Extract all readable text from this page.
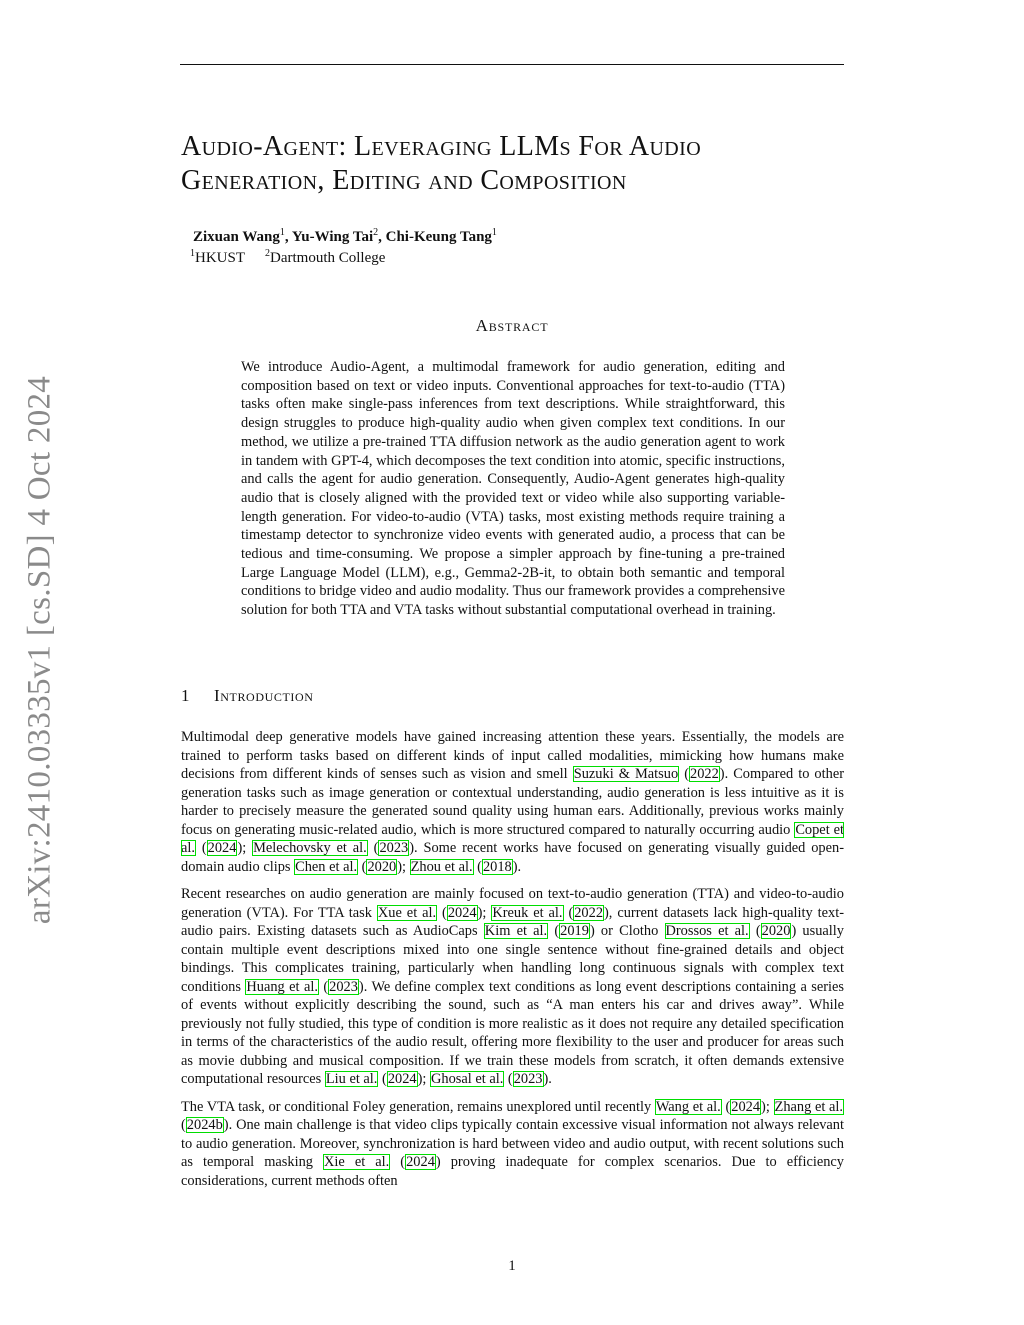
arXiv:2410.03335v1 [cs.SD] 4 Oct 2024
Audio-Agent: Leveraging LLMs For Audio
Generation, Editing and Composition
Zixuan Wang$^1$, Yu-Wing Tai$^2$, Chi-Keung Tang$^1$
$^1$HKUST $^2$Dartmouth College
Abstract
We introduce Audio-Agent, a multimodal framework for audio generation, editing and composition based on text or video inputs. Conventional approaches for text-to-audio (TTA) tasks often make single-pass inferences from text descriptions. While straightforward, this design struggles to produce high-quality audio when given complex text conditions. In our method, we utilize a pre-trained TTA diffusion network as the audio generation agent to work in tandem with GPT-4, which decomposes the text condition into atomic, specific instructions, and calls the agent for audio generation. Consequently, Audio-Agent generates high-quality audio that is closely aligned with the provided text or video while also supporting variable-length generation. For video-to-audio (VTA) tasks, most existing methods require training a timestamp detector to synchronize video events with generated audio, a process that can be tedious and time-consuming. We propose a simpler approach by fine-tuning a pre-trained Large Language Model (LLM), e.g., Gemma2-2B-it, to obtain both semantic and temporal conditions to bridge video and audio modality. Thus our framework provides a comprehensive solution for both TTA and VTA tasks without substantial computational overhead in training.
1 Introduction

Multimodal deep generative models have gained increasing attention these years. Essentially, the models are trained to perform tasks based on different kinds of input called modalities, mimicking how humans make decisions from different kinds of senses such as vision and smell Suzuki & Matsuo (2022). Compared to other generation tasks such as image generation or contextual understanding, audio generation is less intuitive as it is harder to precisely measure the generated sound quality using human ears. Additionally, previous works mainly focus on generating music-related audio, which is more structured compared to naturally occurring audio Copet et al. (2024); Melechovsky et al. (2023). Some recent works have focused on generating visually guided open-domain audio clips Chen et al. (2020); Zhou et al. (2018).

Recent researches on audio generation are mainly focused on text-to-audio generation (TTA) and video-to-audio generation (VTA). For TTA task Xue et al. (2024); Kreuk et al. (2022), current datasets lack high-quality text-audio pairs. Existing datasets such as AudioCaps Kim et al. (2019) or Clotho Drossos et al. (2020) usually contain multiple event descriptions mixed into one single sentence without fine-grained details and object bindings. This complicates training, particularly when handling long continuous signals with complex text conditions Huang et al. (2023). We define complex text conditions as long event descriptions containing a series of events without explicitly describing the sound, such as “A man enters his car and drives away”. While previously not fully studied, this type of condition is more realistic as it does not require any detailed specification in terms of the characteristics of the audio result, offering more flexibility to the user and producer for areas such as movie dubbing and musical composition. If we train these models from scratch, it often demands extensive computational resources Liu et al. (2024); Ghosal et al. (2023).

The VTA task, or conditional Foley generation, remains unexplored until recently Wang et al. (2024); Zhang et al. (2024b). One main challenge is that video clips typically contain excessive visual information not always relevant to audio generation. Moreover, synchronization is hard between video and audio output, with recent solutions such as temporal masking Xie et al. (2024) proving inadequate for complex scenarios. Due to efficiency considerations, current methods often

1
